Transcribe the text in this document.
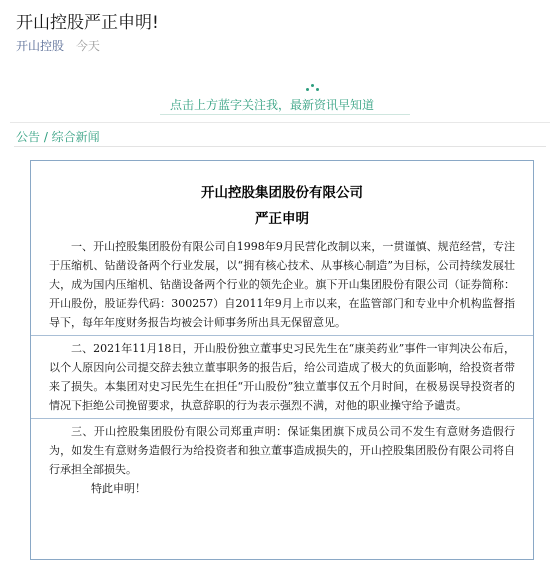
开山控股严正申明!
开山控股 今天
点击上方蓝字关注我，最新资讯早知道
公告 / 综合新闻
开山控股集团股份有限公司
严正申明
一、开山控股集团股份有限公司自1998年9月民营化改制以来，一贯谨慎、规范经营，专注于压缩机、钻凿设备两个行业发展，以“拥有核心技术、从事核心制造”为目标，公司持续发展壮大，成为国内压缩机、钻凿设备两个行业的领先企业。旗下开山集团股份有限公司（证券简称：开山股份，股证券代码：300257）自2011年9月上市以来，在监管部门和专业中介机构监督指导下，每年年度财务报告均被会计师事务所出具无保留意见。
二、2021年11月18日，开山股份独立董事史习民先生在“康美药业”事件一审判决公布后，以个人原因向公司提交辞去独立董事职务的报告后，给公司造成了极大的负面影响，给投资者带来了损失。本集团对史习民先生在担任“开山股份”独立董事仅五个月时间，在极易误导投资者的情况下拒绝公司挽留要求，执意辞职的行为表示强烈不满，对他的职业操守给予谴责。
三、开山控股集团股份有限公司郑重声明：保证集团旗下成员公司不发生有意财务造假行为，如发生有意财务造假行为给投资者和独立董事造成损失的，开山控股集团股份有限公司将自行承担全部损失。
特此申明！
